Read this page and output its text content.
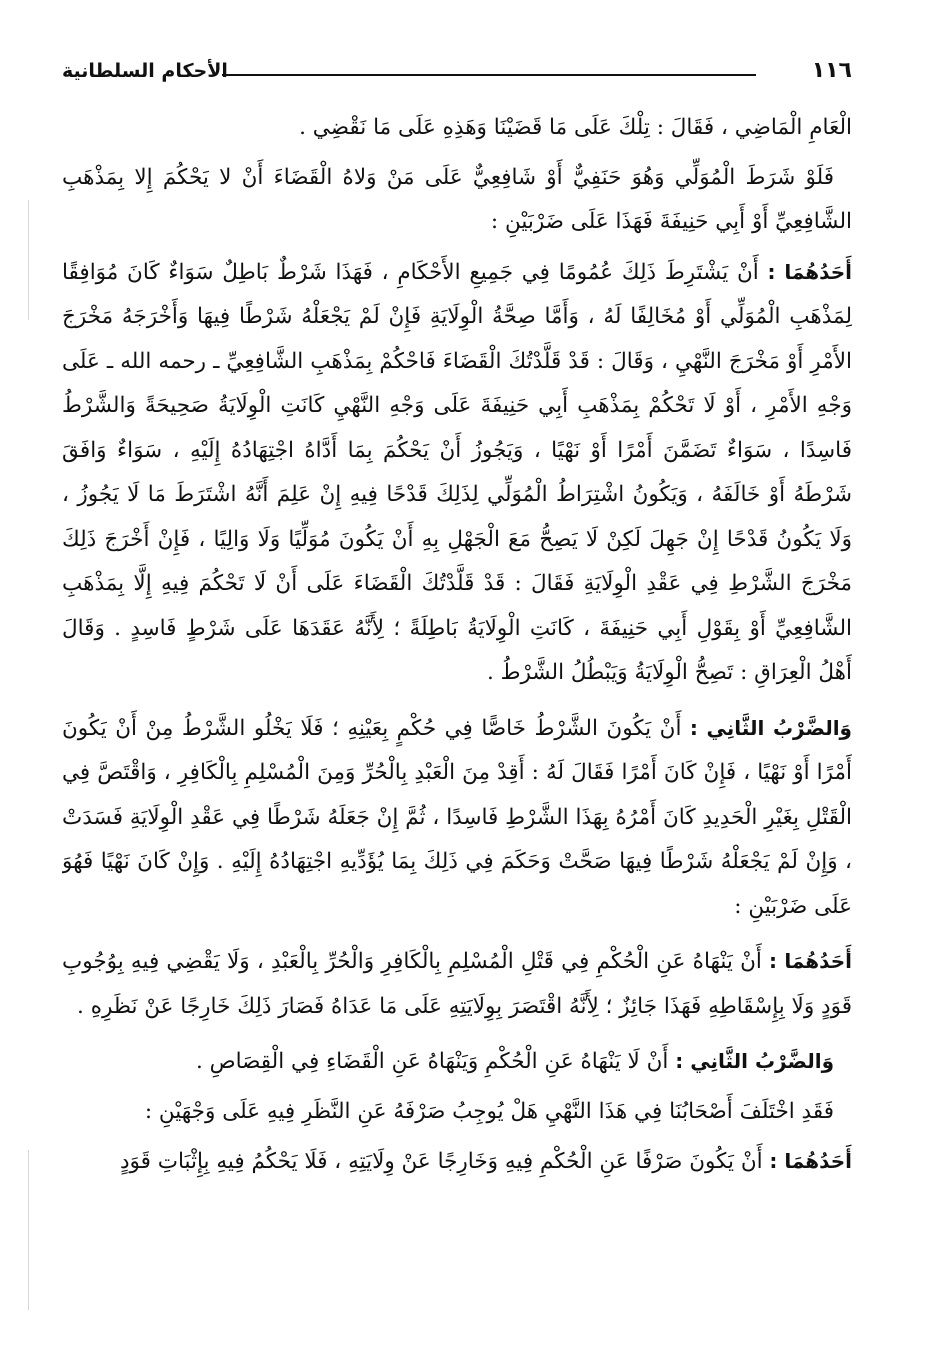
١١٦
الأحكام السلطانية

الْعَامِ الْمَاضِي ، فَقَالَ : تِلْكَ عَلَى مَا قَضَيْنَا وَهَذِهِ عَلَى مَا نَقْضِي .

فَلَوْ شَرَطَ الْمُوَلِّي وَهُوَ حَنَفِيٌّ أَوْ شَافِعِيٌّ عَلَى مَنْ وَلاهُ الْقَضَاءَ أَنْ لا يَحْكُمَ إِلا بِمَذْهَبِ الشَّافِعِيِّ أَوْ أَبِي حَنِيفَةَ فَهَذَا عَلَى ضَرْبَيْنِ :

أَحَدُهُمَا : أَنْ يَشْتَرِطَ ذَلِكَ عُمُومًا فِي جَمِيعِ الأَحْكَامِ ، فَهَذَا شَرْطٌ بَاطِلٌ سَوَاءٌ كَانَ مُوَافِقًا لِمَذْهَبِ الْمُوَلِّي أَوْ مُخَالِفًا لَهُ ، وَأَمَّا صِحَّةُ الْوِلَايَةِ فَإِنْ لَمْ يَجْعَلْهُ شَرْطًا فِيهَا وَأَخْرَجَهُ مَخْرَجَ الأَمْرِ أَوْ مَخْرَجَ النَّهْيِ ، وَقَالَ : قَدْ قَلَّدْتُكَ الْقَضَاءَ فَاحْكُمْ بِمَذْهَبِ الشَّافِعِيِّ ـ رحمه الله ـ عَلَى وَجْهِ الأَمْرِ ، أَوْ لَا تَحْكُمْ بِمَذْهَبِ أَبِي حَنِيفَةَ عَلَى وَجْهِ النَّهْيِ كَانَتِ الْوِلَايَةُ صَحِيحَةً وَالشَّرْطُ فَاسِدًا ، سَوَاءٌ تَضَمَّنَ أَمْرًا أَوْ نَهْيًا ، وَيَجُوزُ أَنْ يَحْكُمَ بِمَا أَدَّاهُ اجْتِهَادُهُ إِلَيْهِ ، سَوَاءٌ وَافَقَ شَرْطَهُ أَوْ خَالَفَهُ ، وَيَكُونُ اشْتِرَاطُ الْمُوَلِّي لِذَلِكَ قَدْحًا فِيهِ إِنْ عَلِمَ أَنَّهُ اشْتَرَطَ مَا لَا يَجُوزُ ، وَلَا يَكُونُ قَدْحًا إِنْ جَهِلَ لَكِنْ لَا يَصِحُّ مَعَ الْجَهْلِ بِهِ أَنْ يَكُونَ مُوَلِّيًا وَلَا وَالِيًا ، فَإِنْ أَخْرَجَ ذَلِكَ مَخْرَجَ الشَّرْطِ فِي عَقْدِ الْوِلَايَةِ فَقَالَ : قَدْ قَلَّدْتُكَ الْقَضَاءَ عَلَى أَنْ لَا تَحْكُمَ فِيهِ إِلَّا بِمَذْهَبِ الشَّافِعِيِّ أَوْ بِقَوْلِ أَبِي حَنِيفَةَ ، كَانَتِ الْوِلَايَةُ بَاطِلَةً ؛ لِأَنَّهُ عَقَدَهَا عَلَى شَرْطٍ فَاسِدٍ . وَقَالَ أَهْلُ الْعِرَاقِ : تَصِحُّ الْوِلَايَةُ وَيَبْطُلُ الشَّرْطُ .

وَالضَّرْبُ الثَّانِي : أَنْ يَكُونَ الشَّرْطُ خَاصًّا فِي حُكْمٍ بِعَيْنِهِ ؛ فَلَا يَخْلُو الشَّرْطُ مِنْ أَنْ يَكُونَ أَمْرًا أَوْ نَهْيًا ، فَإِنْ كَانَ أَمْرًا فَقَالَ لَهُ : أَقِدْ مِنَ الْعَبْدِ بِالْحُرِّ وَمِنَ الْمُسْلِمِ بِالْكَافِرِ ، وَاقْتَصَّ فِي الْقَتْلِ بِغَيْرِ الْحَدِيدِ كَانَ أَمْرُهُ بِهَذَا الشَّرْطِ فَاسِدًا ، ثُمَّ إِنْ جَعَلَهُ شَرْطًا فِي عَقْدِ الْوِلَايَةِ فَسَدَتْ ، وَإِنْ لَمْ يَجْعَلْهُ شَرْطًا فِيهَا صَحَّتْ وَحَكَمَ فِي ذَلِكَ بِمَا يُؤَدِّيهِ اجْتِهَادُهُ إِلَيْهِ . وَإِنْ كَانَ نَهْيًا فَهُوَ عَلَى ضَرْبَيْنِ :

أَحَدُهُمَا : أَنْ يَنْهَاهُ عَنِ الْحُكْمِ فِي قَتْلِ الْمُسْلِمِ بِالْكَافِرِ وَالْحُرِّ بِالْعَبْدِ ، وَلَا يَقْضِي فِيهِ بِوُجُوبِ قَوَدٍ وَلَا بِإِسْقَاطِهِ فَهَذَا جَائِزٌ ؛ لِأَنَّهُ اقْتَصَرَ بِوِلَايَتِهِ عَلَى مَا عَدَاهُ فَصَارَ ذَلِكَ خَارِجًا عَنْ نَظَرِهِ .

وَالضَّرْبُ الثَّانِي : أَنْ لَا يَنْهَاهُ عَنِ الْحُكْمِ وَيَنْهَاهُ عَنِ الْقَضَاءِ فِي الْقِصَاصِ .

فَقَدِ اخْتَلَفَ أَصْحَابُنَا فِي هَذَا النَّهْيِ هَلْ يُوجِبُ صَرْفَهُ عَنِ النَّظَرِ فِيهِ عَلَى وَجْهَيْنِ :

أَحَدُهُمَا : أَنْ يَكُونَ صَرْفًا عَنِ الْحُكْمِ فِيهِ وَخَارِجًا عَنْ وِلَايَتِهِ ، فَلَا يَحْكُمُ فِيهِ بِإِثْبَاتِ قَوَدٍ
